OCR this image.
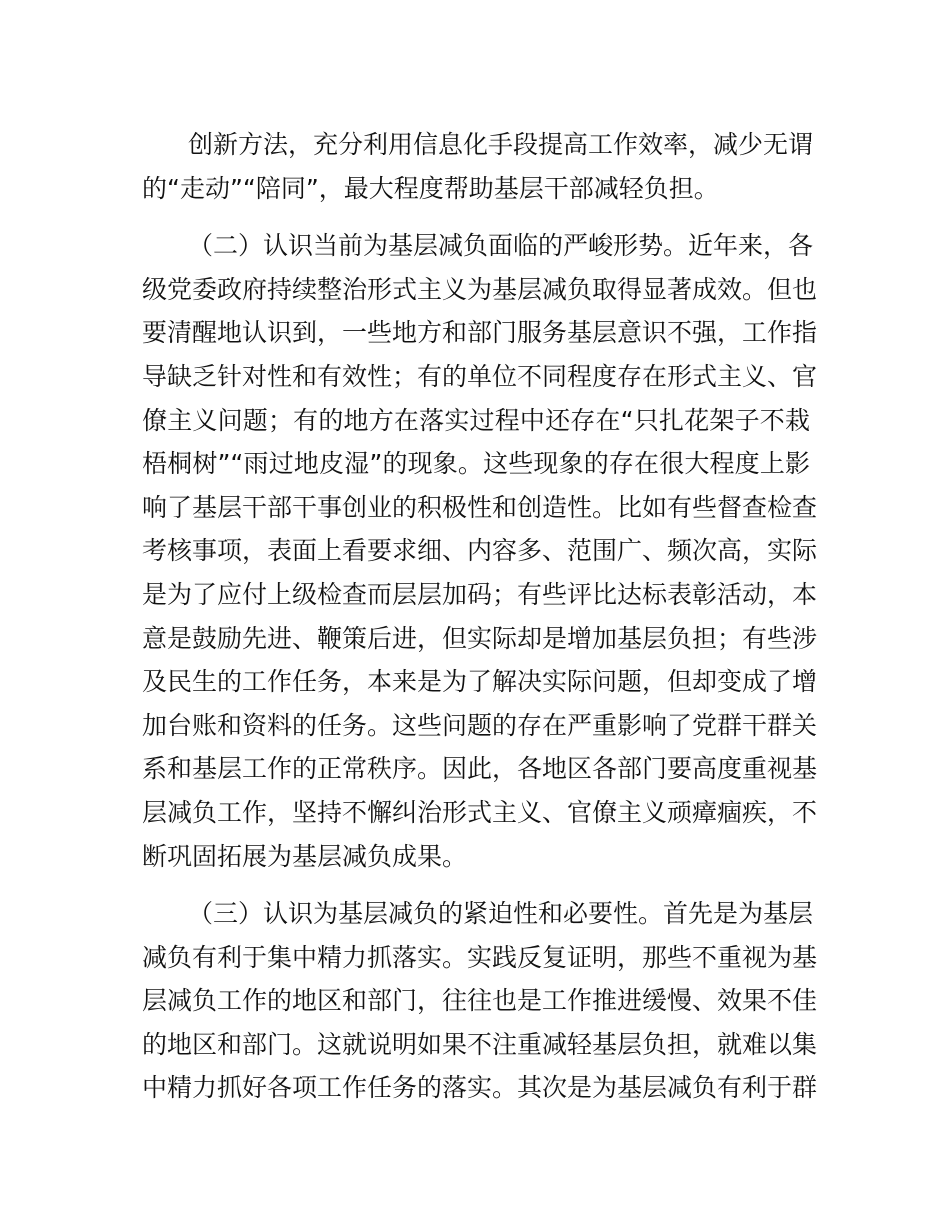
创新方法，充分利用信息化手段提高工作效率，减少无谓
的“走动”“陪同”，最大程度帮助基层干部减轻负担。

（二）认识当前为基层减负面临的严峻形势。近年来，各
级党委政府持续整治形式主义为基层减负取得显著成效。但也
要清醒地认识到，一些地方和部门服务基层意识不强，工作指
导缺乏针对性和有效性；有的单位不同程度存在形式主义、官
僚主义问题；有的地方在落实过程中还存在“只扎花架子不栽
梧桐树”“雨过地皮湿”的现象。这些现象的存在很大程度上影
响了基层干部干事创业的积极性和创造性。比如有些督查检查
考核事项，表面上看要求细、内容多、范围广、频次高，实际
是为了应付上级检查而层层加码；有些评比达标表彰活动，本
意是鼓励先进、鞭策后进，但实际却是增加基层负担；有些涉
及民生的工作任务，本来是为了解决实际问题，但却变成了增
加台账和资料的任务。这些问题的存在严重影响了党群干群关
系和基层工作的正常秩序。因此，各地区各部门要高度重视基
层减负工作，坚持不懈纠治形式主义、官僚主义顽瘴痼疾，不
断巩固拓展为基层减负成果。

（三）认识为基层减负的紧迫性和必要性。首先是为基层
减负有利于集中精力抓落实。实践反复证明，那些不重视为基
层减负工作的地区和部门，往往也是工作推进缓慢、效果不佳
的地区和部门。这就说明如果不注重减轻基层负担，就难以集
中精力抓好各项工作任务的落实。其次是为基层减负有利于群
